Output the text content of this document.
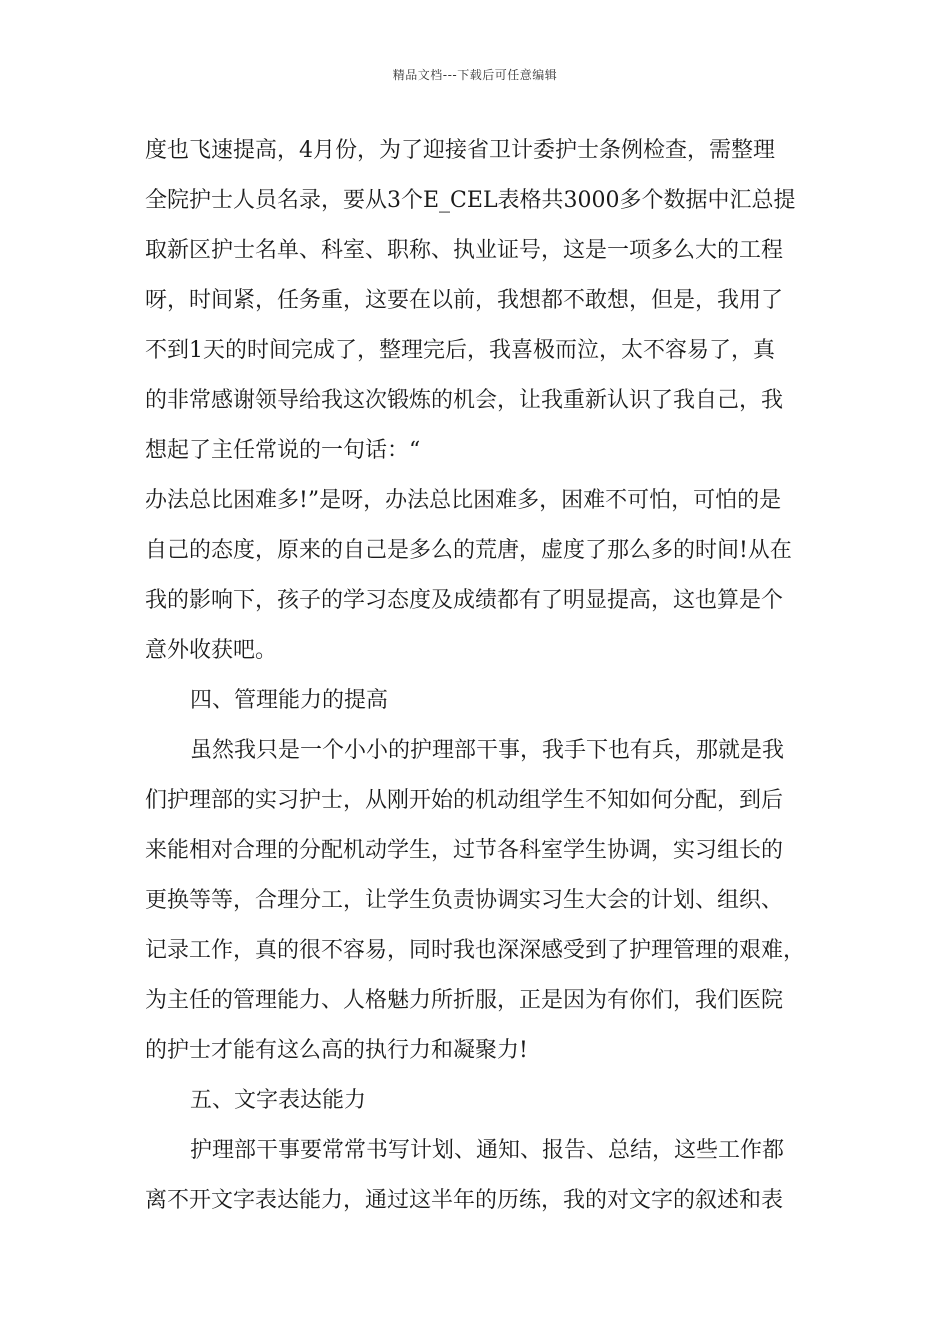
精品文档---下载后可任意编辑
度也飞速提高，4月份，为了迎接省卫计委护士条例检查，需整理
全院护士人员名录，要从3个E_CEL表格共3000多个数据中汇总提
取新区护士名单、科室、职称、执业证号，这是一项多么大的工程
呀，时间紧，任务重，这要在以前，我想都不敢想，但是，我用了
不到1天的时间完成了，整理完后，我喜极而泣，太不容易了，真
的非常感谢领导给我这次锻炼的机会，让我重新认识了我自己，我
想起了主任常说的一句话：“
办法总比困难多!”是呀，办法总比困难多，困难不可怕，可怕的是
自己的态度，原来的自己是多么的荒唐，虚度了那么多的时间!从在
我的影响下，孩子的学习态度及成绩都有了明显提高，这也算是个
意外收获吧。
四、管理能力的提高
虽然我只是一个小小的护理部干事，我手下也有兵，那就是我
们护理部的实习护士，从刚开始的机动组学生不知如何分配，到后
来能相对合理的分配机动学生，过节各科室学生协调，实习组长的
更换等等，合理分工，让学生负责协调实习生大会的计划、组织、
记录工作，真的很不容易，同时我也深深感受到了护理管理的艰难，
为主任的管理能力、人格魅力所折服，正是因为有你们，我们医院
的护士才能有这么高的执行力和凝聚力!
五、文字表达能力
护理部干事要常常书写计划、通知、报告、总结，这些工作都
离不开文字表达能力，通过这半年的历练，我的对文字的叙述和表
